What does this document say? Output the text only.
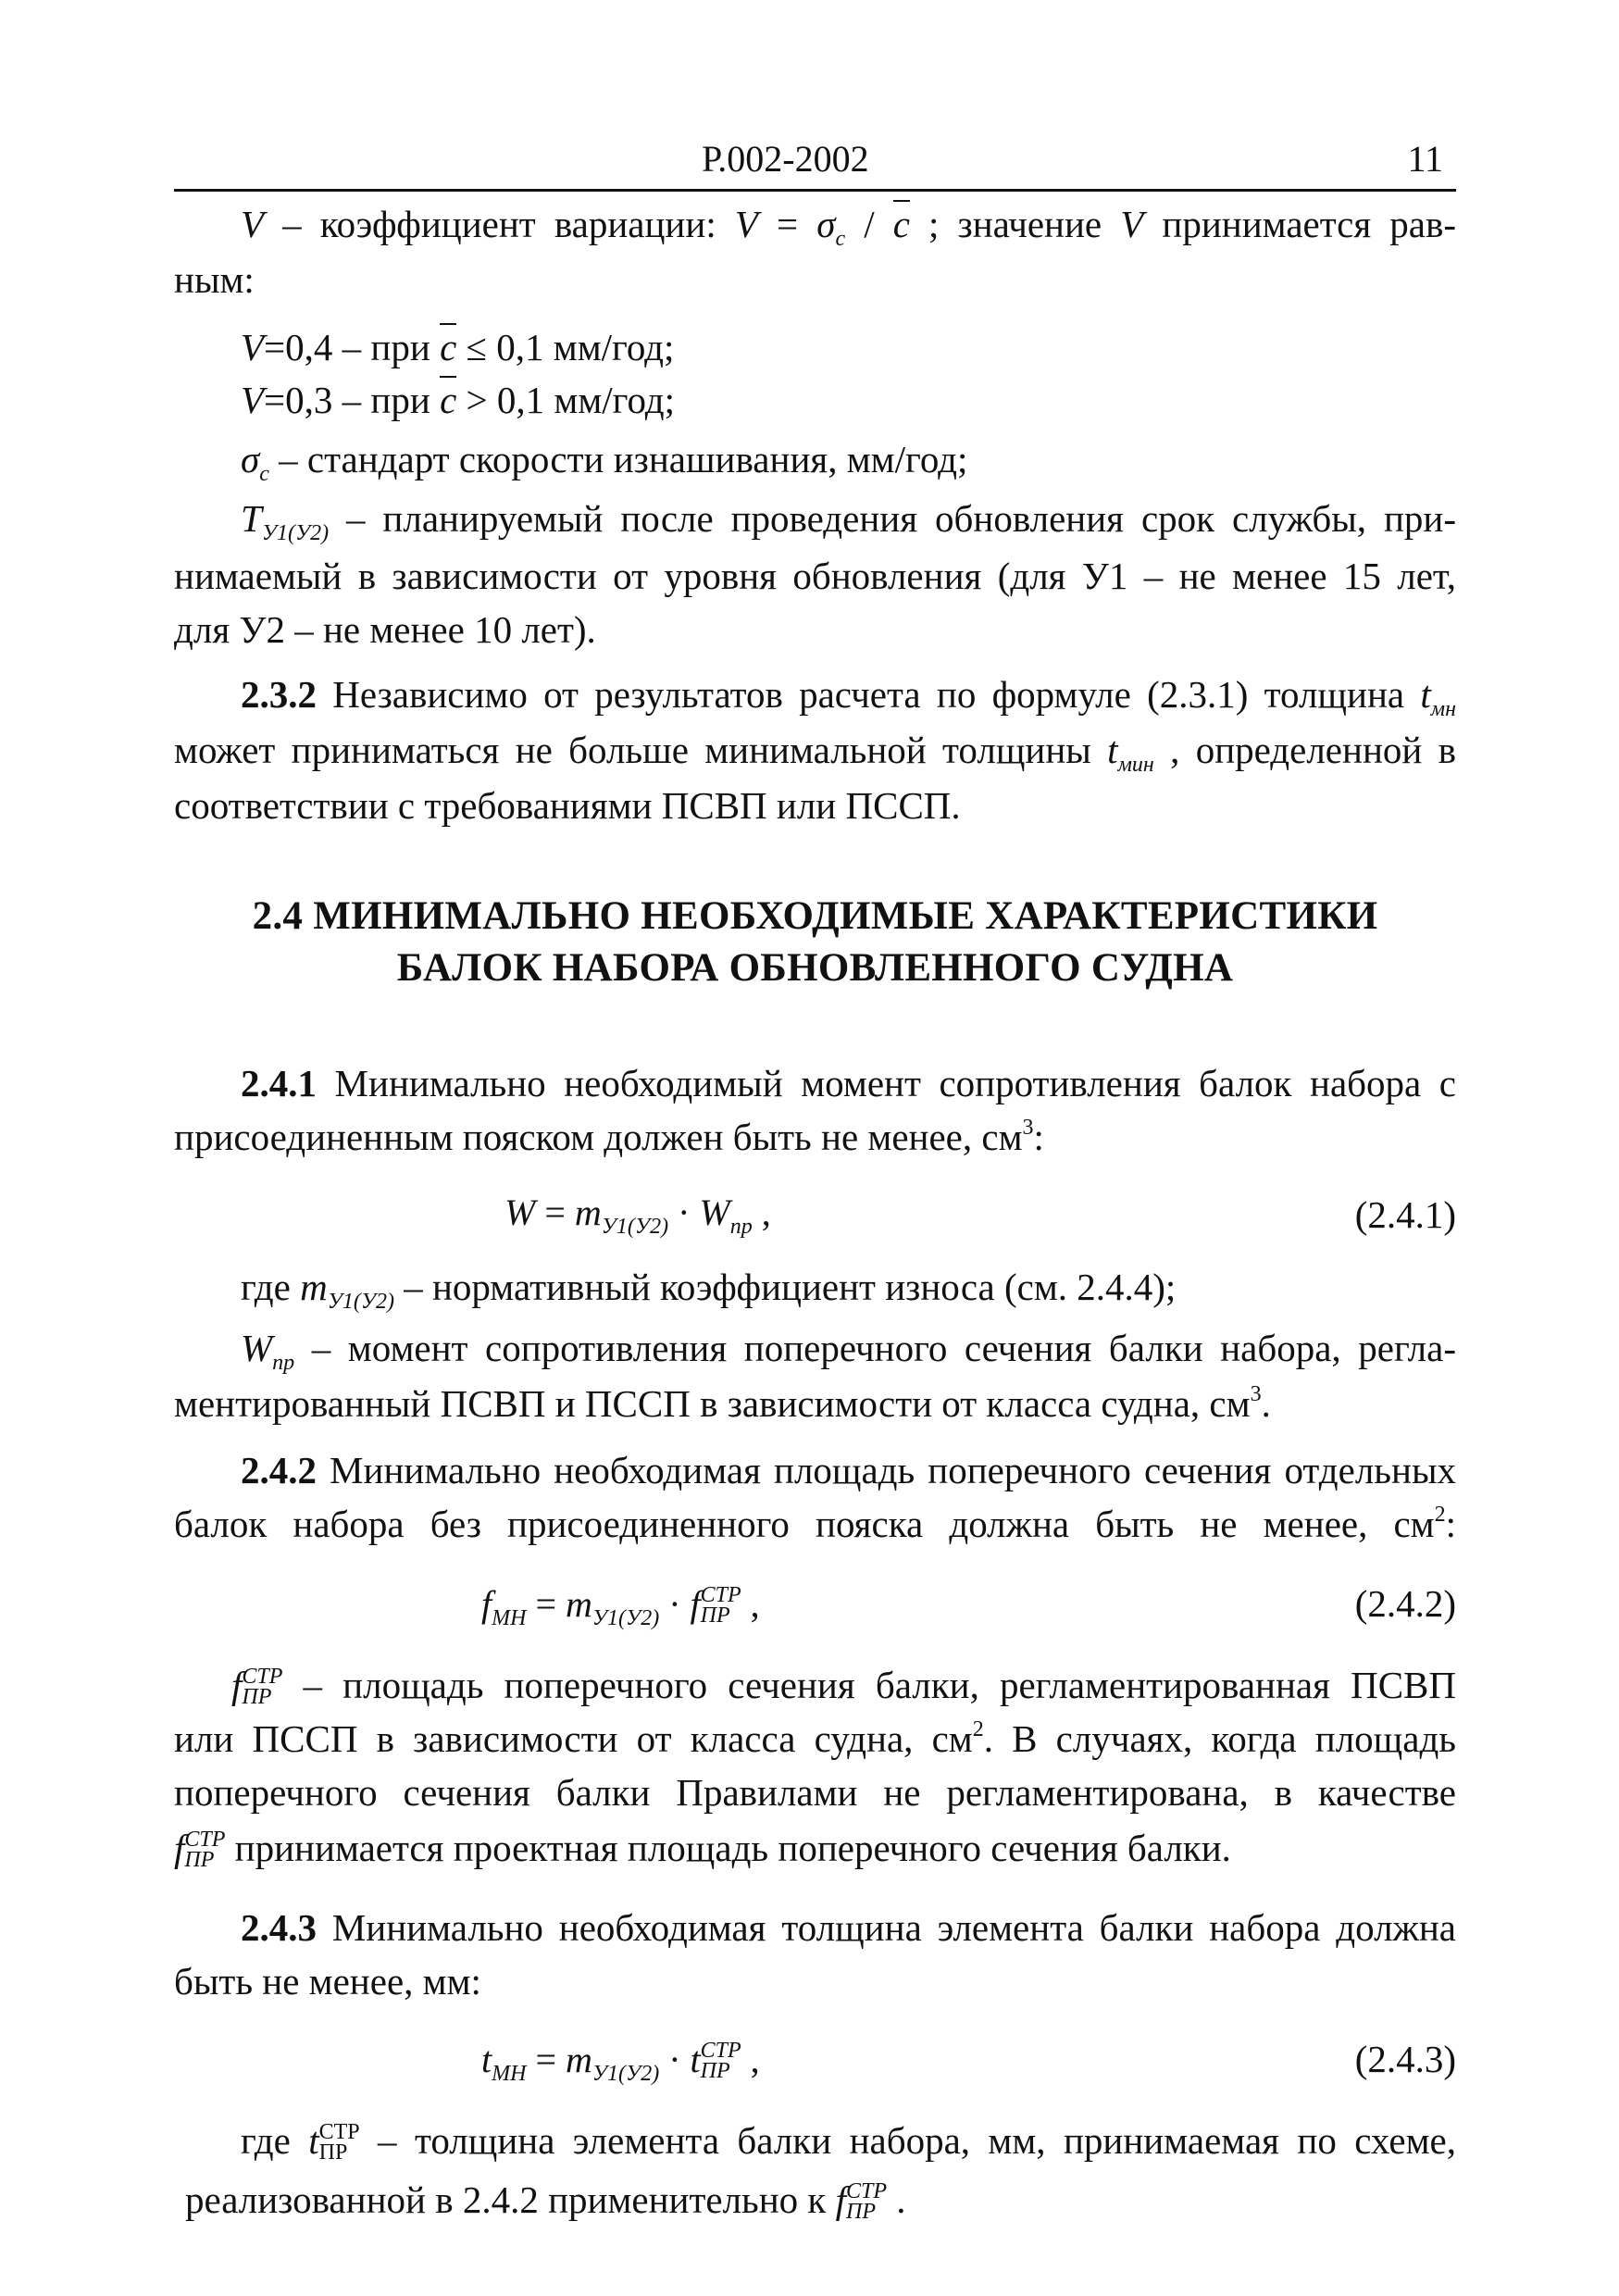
Р.002-2002	11
V – коэффициент вариации: $V = \sigma_c / c$ ; значение V принимается рав-
ным:
V=0,4 – при c ≤ 0,1 мм/год;
V=0,3 – при c > 0,1 мм/год;
$\sigma_c$ – стандарт скорости изнашивания, мм/год;
$T_{У1(У2)}$ – планируемый после проведения обновления срок службы, при-
нимаемый в зависимости от уровня обновления (для У1 – не менее 15 лет,
для У2 – не менее 10 лет).
2.3.2 Независимо от результатов расчета по формуле (2.3.1) толщина $t_{мн}$
может приниматься не больше минимальной толщины $t_{мин}$ , определенной в
соответствии с требованиями ПСВП или ПССП.
2.4 МИНИМАЛЬНО НЕОБХОДИМЫЕ ХАРАКТЕРИСТИКИ
БАЛОК НАБОРА ОБНОВЛЕННОГО СУДНА
2.4.1 Минимально необходимый момент сопротивления балок набора с
присоединенным пояском должен быть не менее, $см^3$:
$W = m_{У1(У2)} \cdot W_{пр}$ ,	(2.4.1)
где $m_{У1(У2)}$ – нормативный коэффициент износа (см. 2.4.4);
$W_{пр}$ – момент сопротивления поперечного сечения балки набора, регла-
ментированный ПСВП и ПССП в зависимости от класса судна, $см^3$.
2.4.2 Минимально необходимая площадь поперечного сечения отдельных
балок набора без присоединенного пояска должна быть не менее, $см^2$:
$f_{МН} = m_{У1(У2)} \cdot f$ СТР
ПР ,	(2.4.2)
f СТР
ПР – площадь поперечного сечения балки, регламентированная ПСВП
или ПССП в зависимости от класса судна, $см^2$. В случаях, когда площадь
поперечного сечения балки Правилами не регламентирована, в качестве
f СТР
ПР принимается проектная площадь поперечного сечения балки.
2.4.3 Минимально необходимая толщина элемента балки набора должна
быть не менее, мм:
$t_{МН} = m_{У1(У2)} \cdot t$ СТР
ПР ,	(2.4.3)
где t СТР
ПР – толщина элемента балки набора, мм, принимаемая по схеме,
реализованной в 2.4.2 применительно к f СТР
ПР .
